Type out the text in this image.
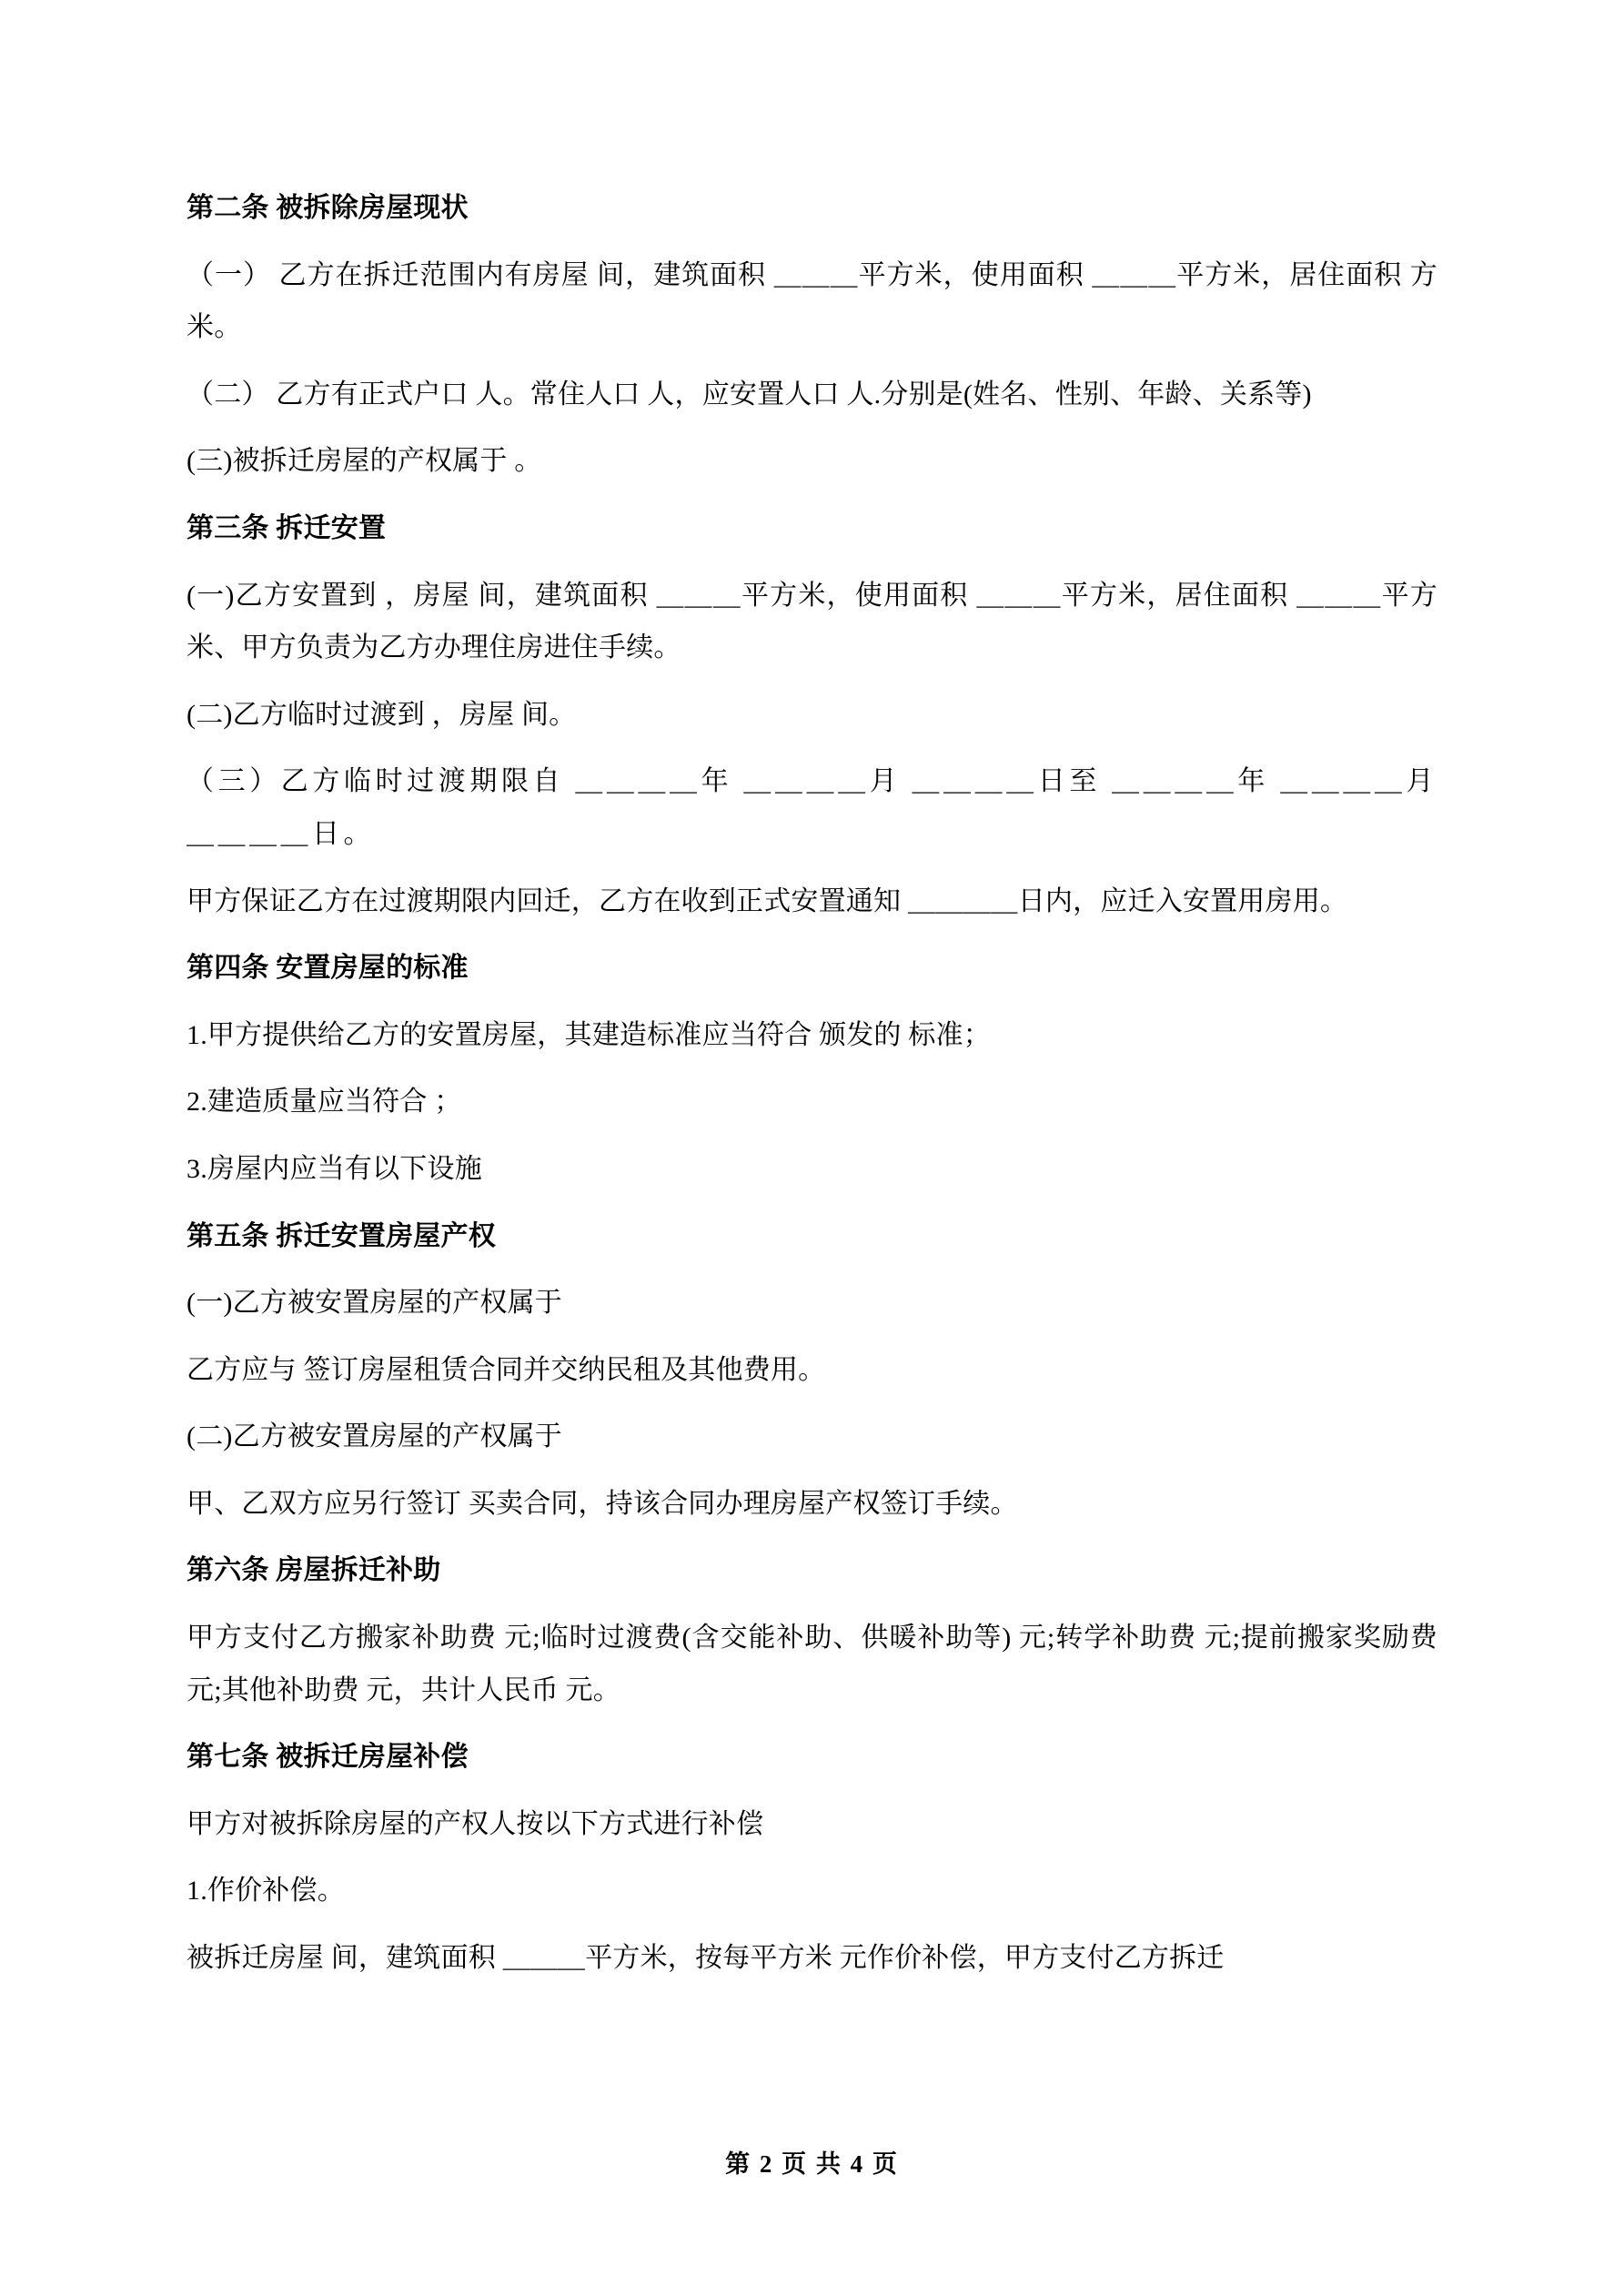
第二条 被拆除房屋现状

（一） 乙方在拆迁范围内有房屋 间，建筑面积 ＿＿＿平方米，使用面积 ＿＿＿平方米，居住面积 方米。

（二） 乙方有正式户口 人。常住人口 人，应安置人口 人.分别是(姓名、性别、年龄、关系等)

(三)被拆迁房屋的产权属于 。

第三条 拆迁安置

(一)乙方安置到 ，房屋 间，建筑面积 ＿＿＿平方米，使用面积 ＿＿＿平方米，居住面积 ＿＿＿平方米、甲方负责为乙方办理住房进住手续。

(二)乙方临时过渡到 ，房屋 间。

（三）乙方临时过渡期限自 ＿＿＿＿年 ＿＿＿＿月 ＿＿＿＿日至 ＿＿＿＿年 ＿＿＿＿月 ＿＿＿＿日。

甲方保证乙方在过渡期限内回迁，乙方在收到正式安置通知 ＿＿＿＿日内，应迁入安置用房用。

第四条 安置房屋的标准

1.甲方提供给乙方的安置房屋，其建造标准应当符合 颁发的 标准；

2.建造质量应当符合 ；

3.房屋内应当有以下设施

第五条 拆迁安置房屋产权

(一)乙方被安置房屋的产权属于

乙方应与 签订房屋租赁合同并交纳民租及其他费用。

(二)乙方被安置房屋的产权属于

甲、乙双方应另行签订 买卖合同，持该合同办理房屋产权签订手续。

第六条 房屋拆迁补助

甲方支付乙方搬家补助费 元;临时过渡费(含交能补助、供暖补助等) 元;转学补助费 元;提前搬家奖励费 元;其他补助费 元，共计人民币 元。

第七条 被拆迁房屋补偿

甲方对被拆除房屋的产权人按以下方式进行补偿

1.作价补偿。

被拆迁房屋 间，建筑面积 ＿＿＿平方米，按每平方米 元作价补偿，甲方支付乙方拆迁

第 2 页 共 4 页
